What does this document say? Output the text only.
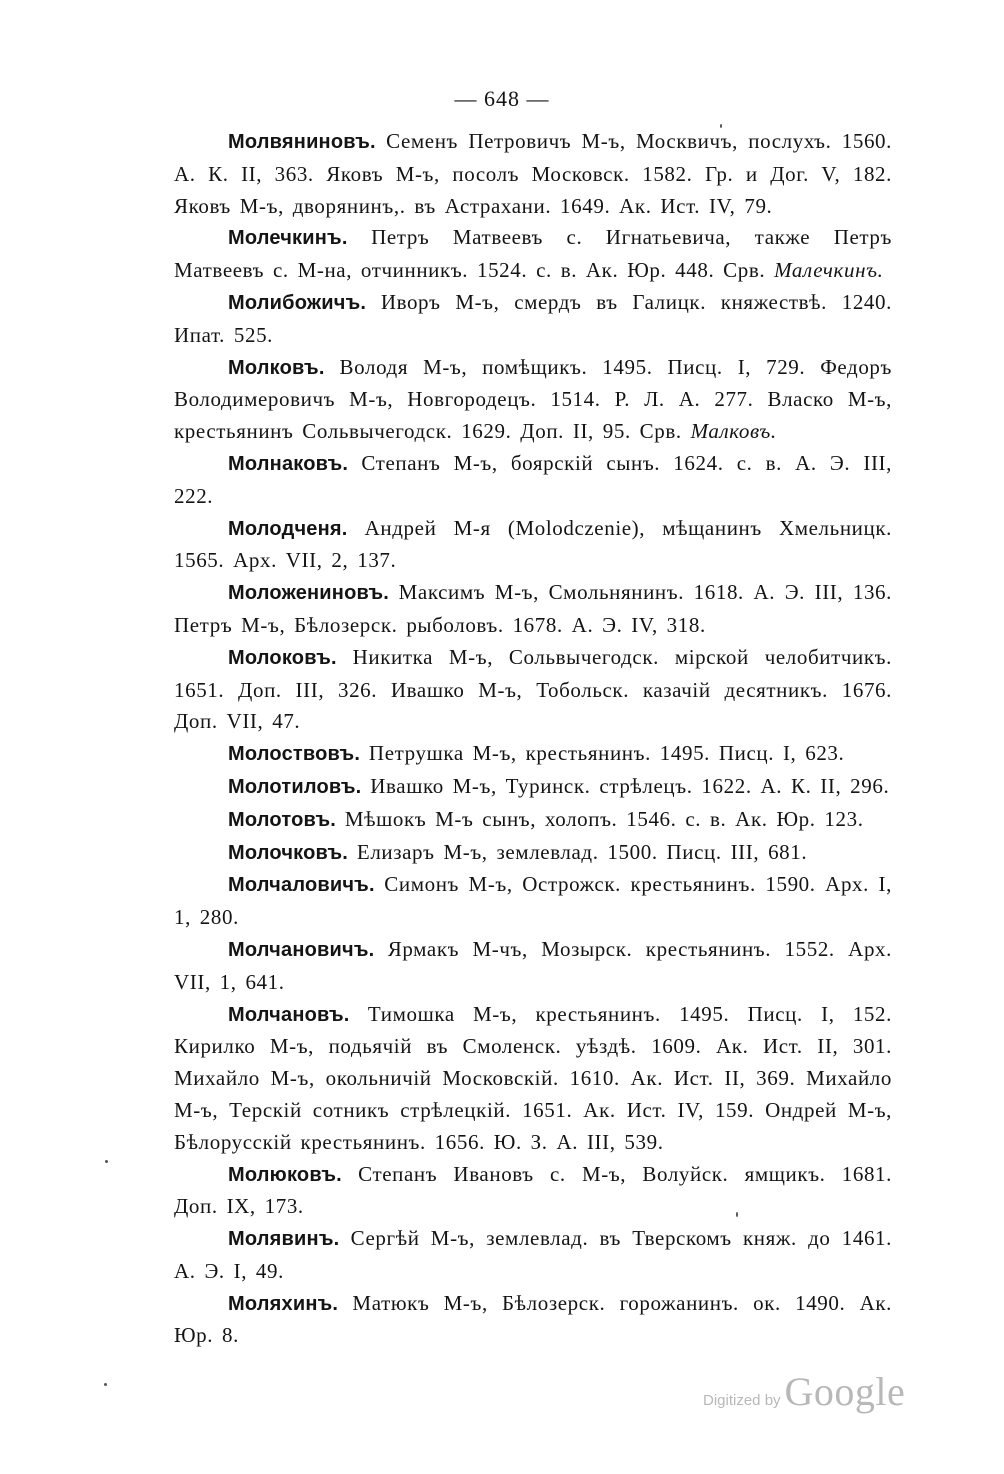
— 648 —

Молвяниновъ. Семенъ Петровичъ М-ъ, Москвичъ, послухъ. 1560. А. К. II, 363. Яковъ М-ъ, посолъ Московск. 1582. Гр. и Дог. V, 182. Яковъ М-ъ, дворянинъ,. въ Астрахани. 1649. Ак. Ист. IV, 79.

Молечкинъ. Петръ Матвеевъ с. Игнатьевича, также Петръ Матвеевъ с. М-на, отчинникъ. 1524. с. в. Ак. Юр. 448. Срв. Малечкинъ.

Молибожичъ. Иворъ М-ъ, смердъ въ Галицк. княжествѣ. 1240. Ипат. 525.

Молковъ. Володя М-ъ, помѣщикъ. 1495. Писц. I, 729. Федоръ Володимеровичъ М-ъ, Новгородецъ. 1514. Р. Л. А. 277. Власко М-ъ, крестьянинъ Сольвычегодск. 1629. Доп. II, 95. Срв. Малковъ.

Молнаковъ. Степанъ М-ъ, боярскій сынъ. 1624. с. в. А. Э. III, 222.

Молодченя. Андрей М-я (Molodczenie), мѣщанинъ Хмельницк. 1565. Арх. VII, 2, 137.

Моложениновъ. Максимъ М-ъ, Смольнянинъ. 1618. А. Э. III, 136. Петръ М-ъ, Бѣлозерск. рыболовъ. 1678. А. Э. IV, 318.

Молоковъ. Никитка М-ъ, Сольвычегодск. мірской челобитчикъ. 1651. Доп. III, 326. Ивашко М-ъ, Тобольск. казачій десятникъ. 1676. Доп. VII, 47.

Молоствовъ. Петрушка М-ъ, крестьянинъ. 1495. Писц. I, 623.

Молотиловъ. Ивашко М-ъ, Туринск. стрѣлецъ. 1622. А. К. II, 296.

Молотовъ. Мѣшокъ М-ъ сынъ, холопъ. 1546. с. в. Ак. Юр. 123.

Молочковъ. Елизаръ М-ъ, землевлад. 1500. Писц. III, 681.

Молчаловичъ. Симонъ М-ъ, Острожск. крестьянинъ. 1590. Арх. I, 1, 280.

Молчановичъ. Ярмакъ М-чъ, Мозырск. крестьянинъ. 1552. Арх. VII, 1, 641.

Молчановъ. Тимошка М-ъ, крестьянинъ. 1495. Писц. I, 152. Кирилко М-ъ, подьячій въ Смоленск. уѣздѣ. 1609. Ак. Ист. II, 301. Михайло М-ъ, окольничій Московскій. 1610. Ак. Ист. II, 369. Михайло М-ъ, Терскій сотникъ стрѣлецкій. 1651. Ак. Ист. IV, 159. Ондрей М-ъ, Бѣлорусскій крестьянинъ. 1656. Ю. З. А. III, 539.

Молюковъ. Степанъ Ивановъ с. М-ъ, Волуйск. ямщикъ. 1681. Доп. IX, 173.

Молявинъ. Сергѣй М-ъ, землевлад. въ Тверскомъ княж. до 1461. А. Э. I, 49.

Моляхинъ. Матюкъ М-ъ, Бѣлозерск. горожанинъ. ок. 1490. Ак. Юр. 8.

Digitized by Google
